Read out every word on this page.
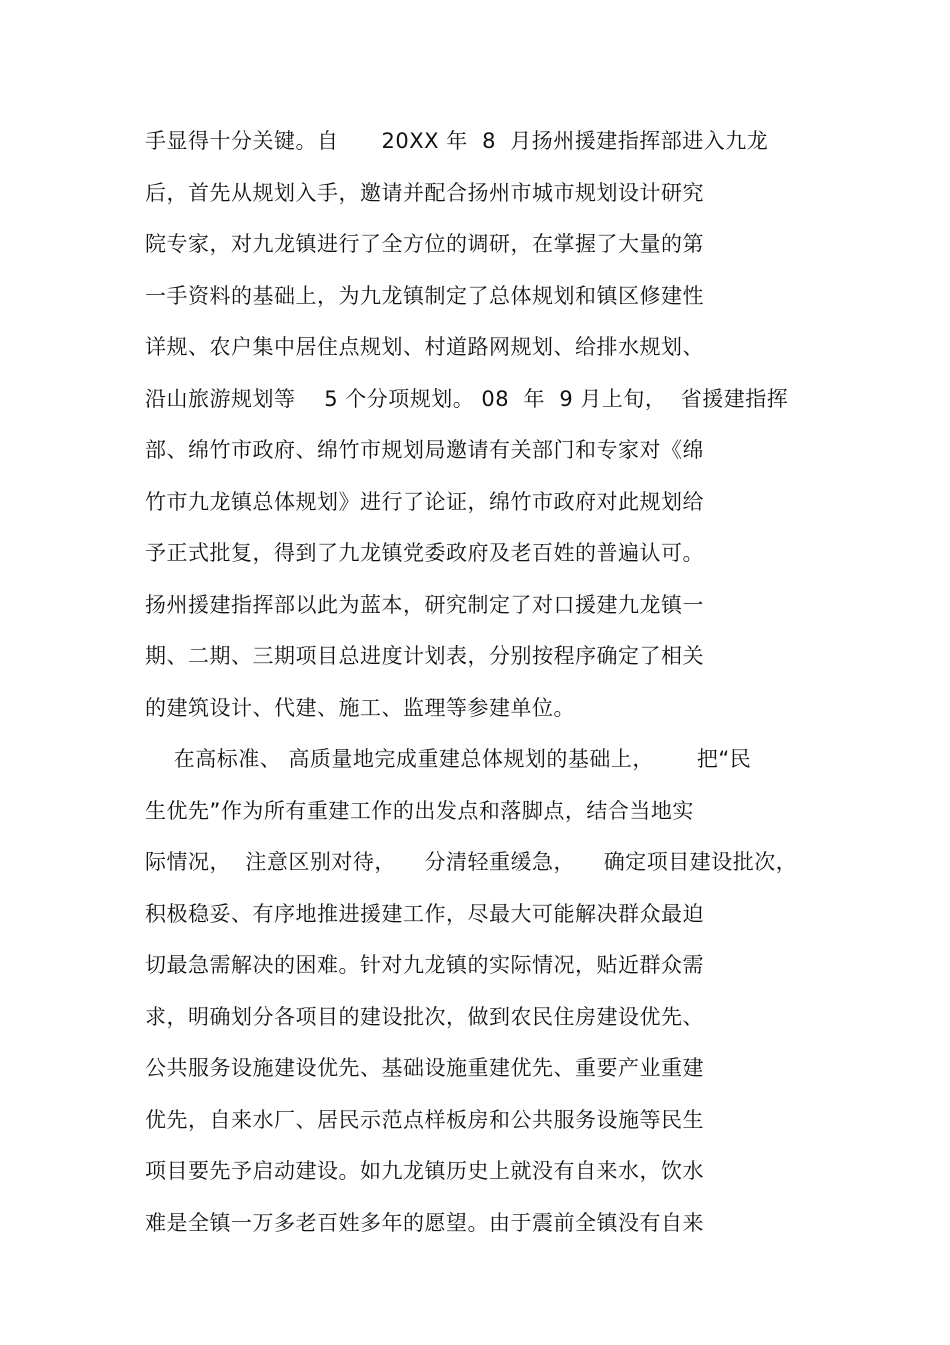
手显得十分关键。自      20XX 年  8  月扬州援建指挥部进入九龙
后，首先从规划入手，邀请并配合扬州市城市规划设计研究
院专家，对九龙镇进行了全方位的调研，在掌握了大量的第
一手资料的基础上，为九龙镇制定了总体规划和镇区修建性
详规、农户集中居住点规划、村道路网规划、给排水规划、
沿山旅游规划等    5 个分项规划。 08  年  9 月上旬，  省援建指挥
部、绵竹市政府、绵竹市规划局邀请有关部门和专家对《绵
竹市九龙镇总体规划》进行了论证，绵竹市政府对此规划给
予正式批复，得到了九龙镇党委政府及老百姓的普遍认可。
扬州援建指挥部以此为蓝本，研究制定了对口援建九龙镇一
期、二期、三期项目总进度计划表，分别按程序确定了相关
的建筑设计、代建、施工、监理等参建单位。
在高标准、 高质量地完成重建总体规划的基础上，      把“民
生优先”作为所有重建工作的出发点和落脚点，结合当地实
际情况，  注意区别对待，    分清轻重缓急，    确定项目建设批次，
积极稳妥、有序地推进援建工作，尽最大可能解决群众最迫
切最急需解决的困难。针对九龙镇的实际情况，贴近群众需
求，明确划分各项目的建设批次，做到农民住房建设优先、
公共服务设施建设优先、基础设施重建优先、重要产业重建
优先，自来水厂、居民示范点样板房和公共服务设施等民生
项目要先予启动建设。如九龙镇历史上就没有自来水，饮水
难是全镇一万多老百姓多年的愿望。由于震前全镇没有自来
